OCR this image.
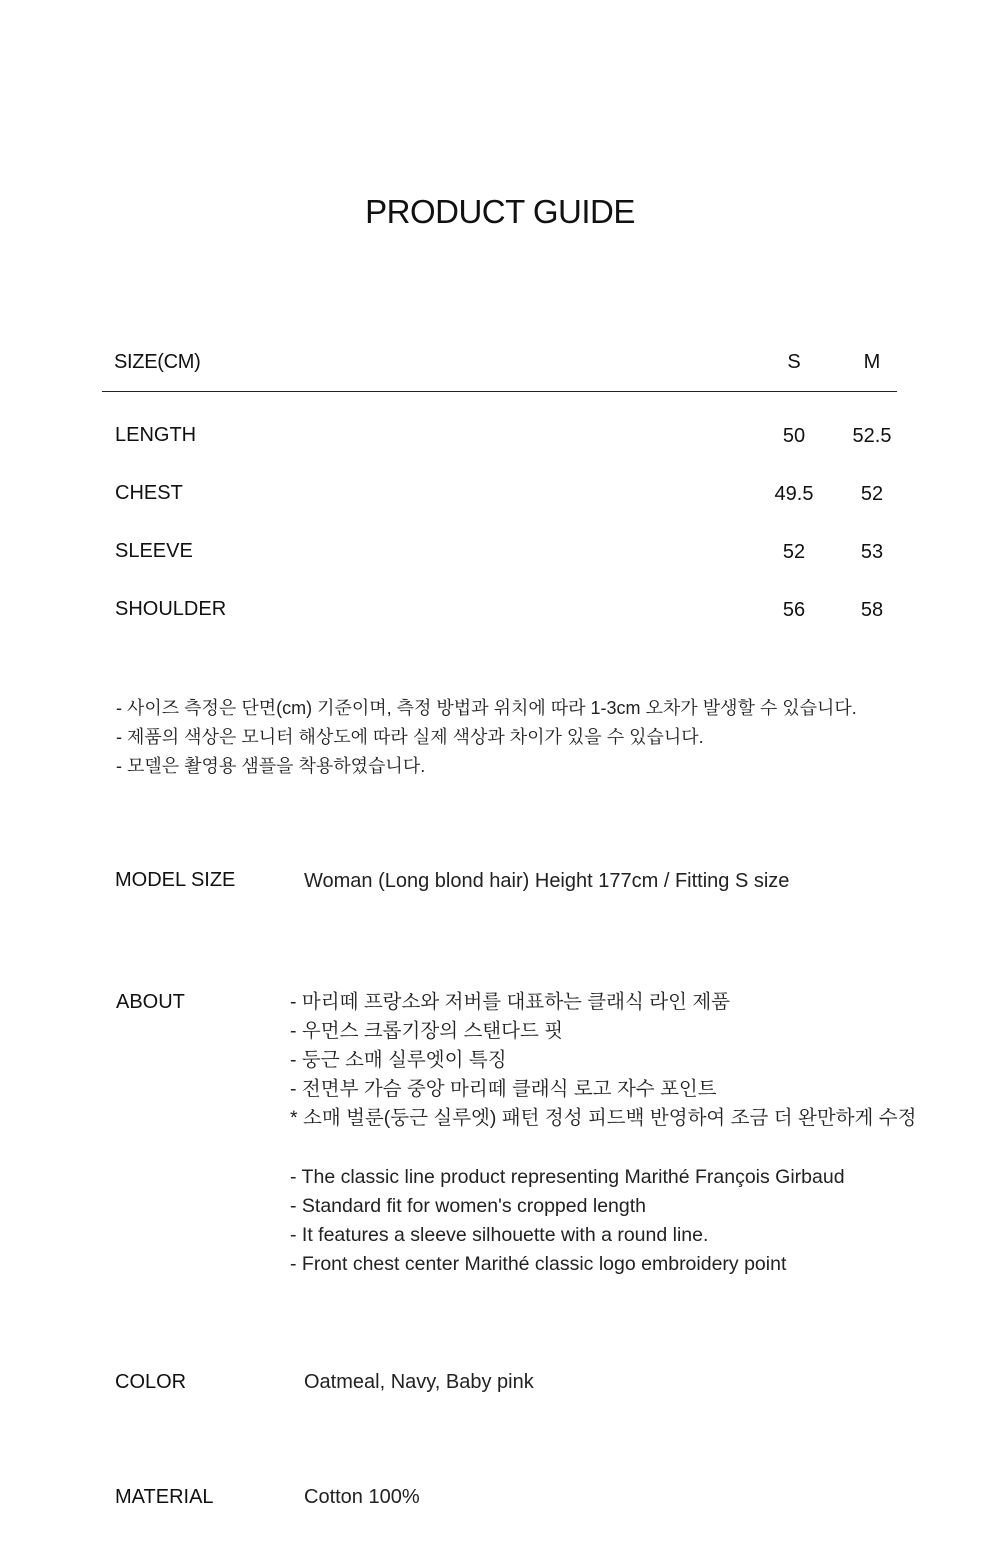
PRODUCT GUIDE
SIZE(CM)	S	M
LENGTH	50	52.5
CHEST	49.5	52
SLEEVE	52	53
SHOULDER	56	58
- 사이즈 측정은 단면(cm) 기준이며, 측정 방법과 위치에 따라 1-3cm 오차가 발생할 수 있습니다.
- 제품의 색상은 모니터 해상도에 따라 실제 색상과 차이가 있을 수 있습니다.
- 모델은 촬영용 샘플을 착용하였습니다.
MODEL SIZE	Woman (Long blond hair) Height 177cm / Fitting S size
ABOUT	- 마리떼 프랑소와 저버를 대표하는 클래식 라인 제품
- 우먼스 크롭기장의 스탠다드 핏
- 둥근 소매 실루엣이 특징
- 전면부 가슴 중앙 마리떼 클래식 로고 자수 포인트
* 소매 벌룬(둥근 실루엣) 패턴 정성 피드백 반영하여 조금 더 완만하게 수정
- The classic line product representing Marithé François Girbaud
- Standard fit for women's cropped length
- It features a sleeve silhouette with a round line.
- Front chest center Marithé classic logo embroidery point
COLOR	Oatmeal, Navy, Baby pink
MATERIAL	Cotton 100%
